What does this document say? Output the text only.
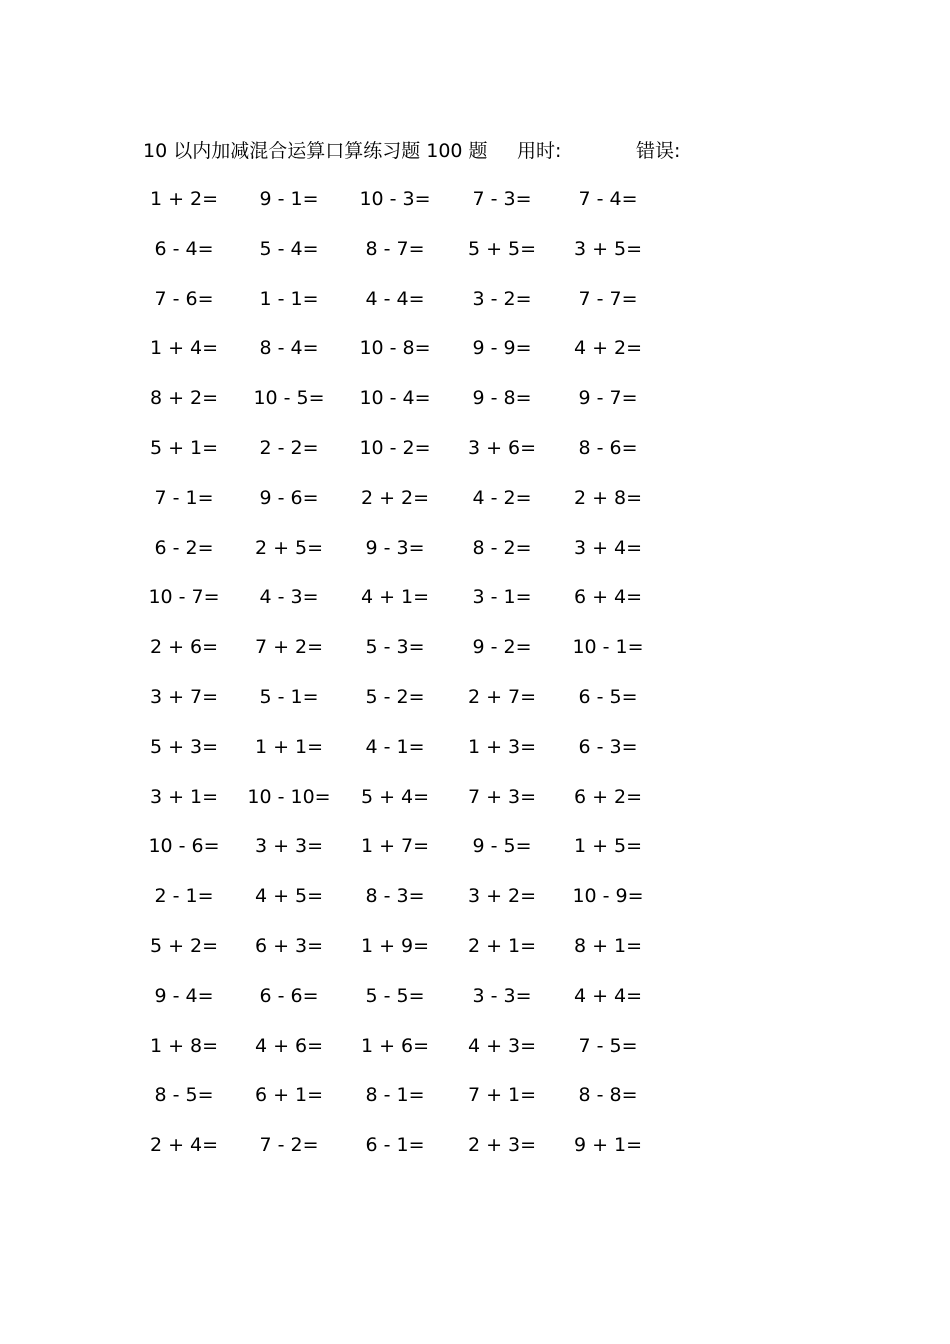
10 以内加减混合运算口算练习题 100 题 用时:	错误:
1 + 2=	9 - 1=	10 - 3=	7 - 3=	7 - 4=
6 - 4=	5 - 4=	8 - 7=	5 + 5=	3 + 5=
7 - 6=	1 - 1=	4 - 4=	3 - 2=	7 - 7=
1 + 4=	8 - 4=	10 - 8=	9 - 9=	4 + 2=
8 + 2=	10 - 5=	10 - 4=	9 - 8=	9 - 7=
5 + 1=	2 - 2=	10 - 2=	3 + 6=	8 - 6=
7 - 1=	9 - 6=	2 + 2=	4 - 2=	2 + 8=
6 - 2=	2 + 5=	9 - 3=	8 - 2=	3 + 4=
10 - 7=	4 - 3=	4 + 1=	3 - 1=	6 + 4=
2 + 6=	7 + 2=	5 - 3=	9 - 2=	10 - 1=
3 + 7=	5 - 1=	5 - 2=	2 + 7=	6 - 5=
5 + 3=	1 + 1=	4 - 1=	1 + 3=	6 - 3=
3 + 1=	10 - 10=	5 + 4=	7 + 3=	6 + 2=
10 - 6=	3 + 3=	1 + 7=	9 - 5=	1 + 5=
2 - 1=	4 + 5=	8 - 3=	3 + 2=	10 - 9=
5 + 2=	6 + 3=	1 + 9=	2 + 1=	8 + 1=
9 - 4=	6 - 6=	5 - 5=	3 - 3=	4 + 4=
1 + 8=	4 + 6=	1 + 6=	4 + 3=	7 - 5=
8 - 5=	6 + 1=	8 - 1=	7 + 1=	8 - 8=
2 + 4=	7 - 2=	6 - 1=	2 + 3=	9 + 1=
